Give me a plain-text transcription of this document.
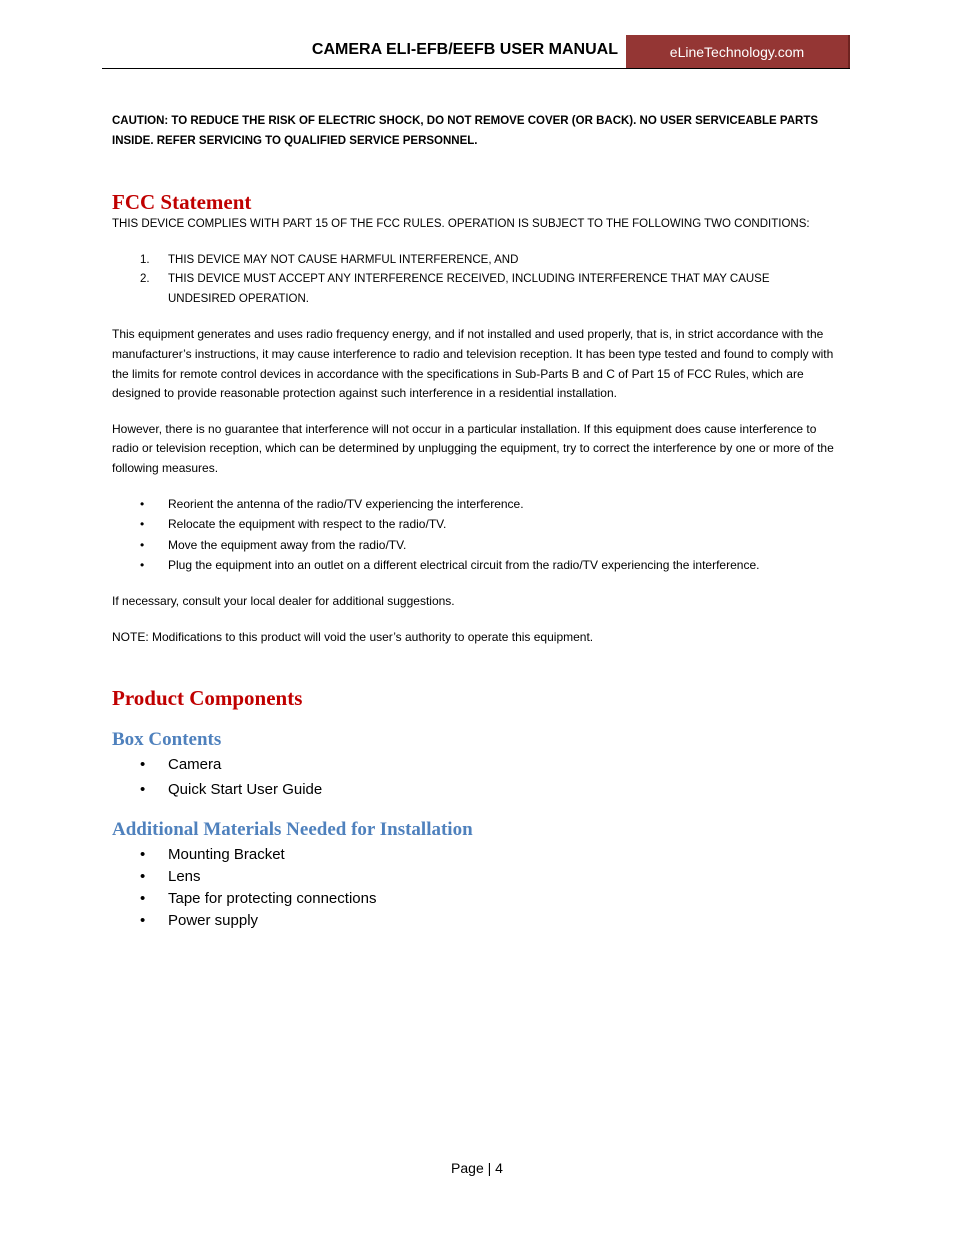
CAMERA ELI-EFB/EEFB USER MANUAL	eLineTechnology.com

CAUTION: TO REDUCE THE RISK OF ELECTRIC SHOCK, DO NOT REMOVE COVER (OR BACK). NO USER SERVICEABLE PARTS INSIDE. REFER SERVICING TO QUALIFIED SERVICE PERSONNEL.

FCC Statement

THIS DEVICE COMPLIES WITH PART 15 OF THE FCC RULES. OPERATION IS SUBJECT TO THE FOLLOWING TWO CONDITIONS:

1. THIS DEVICE MAY NOT CAUSE HARMFUL INTERFERENCE, AND
2. THIS DEVICE MUST ACCEPT ANY INTERFERENCE RECEIVED, INCLUDING INTERFERENCE THAT MAY CAUSE UNDESIRED OPERATION.

This equipment generates and uses radio frequency energy, and if not installed and used properly, that is, in strict accordance with the manufacturer’s instructions, it may cause interference to radio and television reception. It has been type tested and found to comply with the limits for remote control devices in accordance with the specifications in Sub-Parts B and C of Part 15 of FCC Rules, which are designed to provide reasonable protection against such interference in a residential installation.

However, there is no guarantee that interference will not occur in a particular installation. If this equipment does cause interference to radio or television reception, which can be determined by unplugging the equipment, try to correct the interference by one or more of the following measures.

• Reorient the antenna of the radio/TV experiencing the interference.
• Relocate the equipment with respect to the radio/TV.
• Move the equipment away from the radio/TV.
• Plug the equipment into an outlet on a different electrical circuit from the radio/TV experiencing the interference.

If necessary, consult your local dealer for additional suggestions.

NOTE: Modifications to this product will void the user’s authority to operate this equipment.

Product Components
Box Contents
• Camera
• Quick Start User Guide
Additional Materials Needed for Installation
• Mounting Bracket
• Lens
• Tape for protecting connections
• Power supply
Page | 4
